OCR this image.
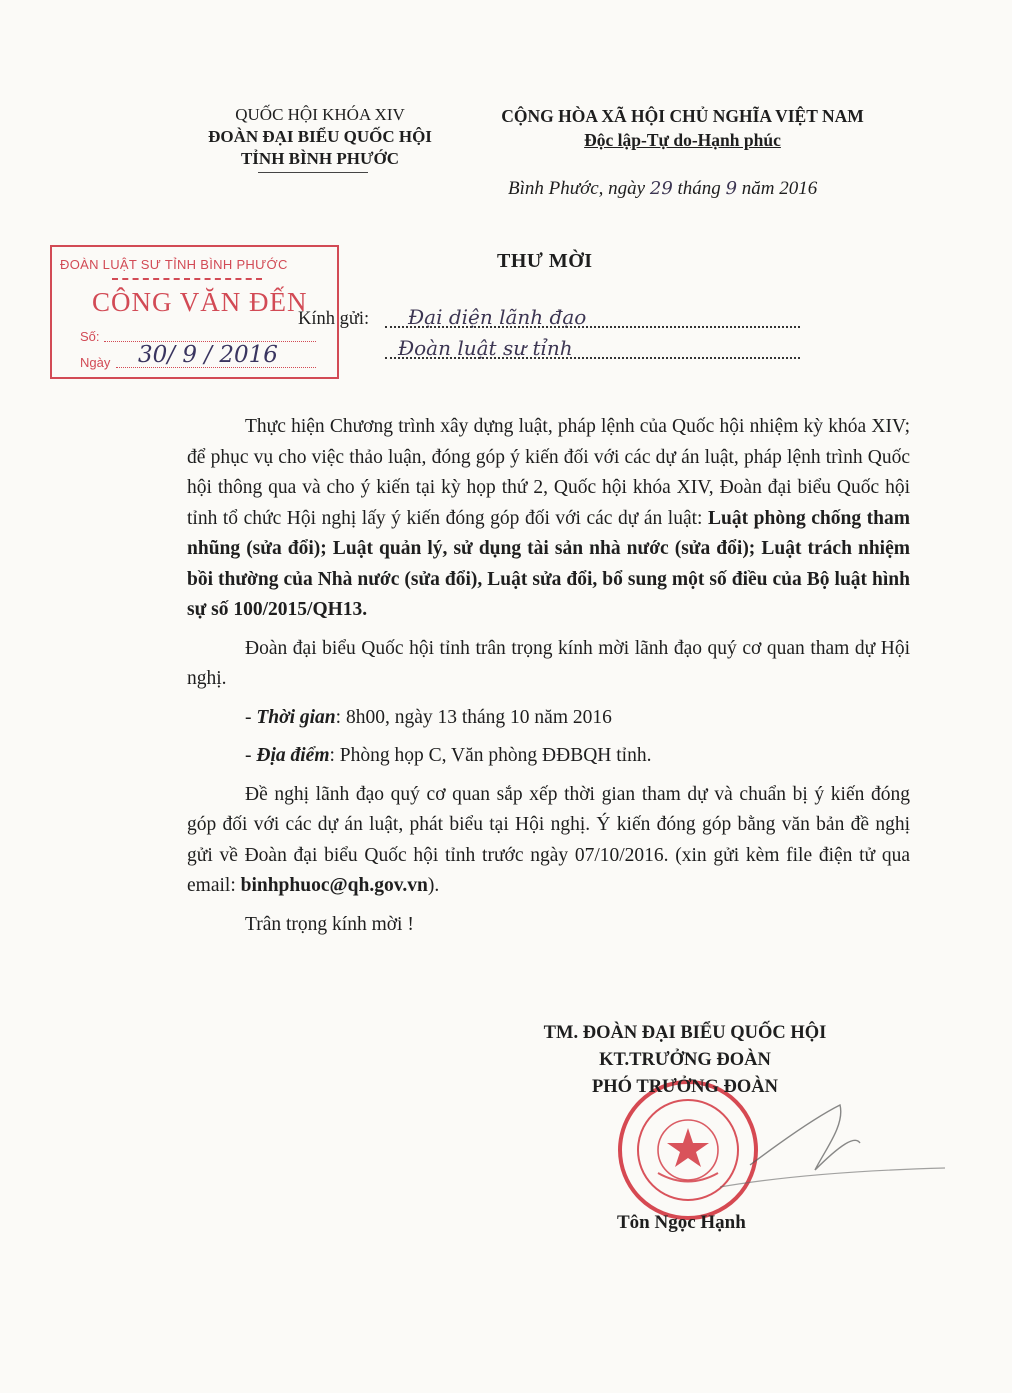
QUỐC HỘI KHÓA XIV
ĐOÀN ĐẠI BIỂU QUỐC HỘI
TỈNH BÌNH PHƯỚC
CỘNG HÒA XÃ HỘI CHỦ NGHĨA VIỆT NAM
Độc lập-Tự do-Hạnh phúc
Bình Phước, ngày 29 tháng 9 năm 2016
ĐOÀN LUẬT SƯ TỈNH BÌNH PHƯỚC
CÔNG VĂN ĐẾN
Số:
Ngày 30/ 9 / 2016
THƯ MỜI
Kính gửi: Đại diện lãnh đạo
Đoàn luật sư tỉnh

Thực hiện Chương trình xây dựng luật, pháp lệnh của Quốc hội nhiệm kỳ khóa XIV; để phục vụ cho việc thảo luận, đóng góp ý kiến đối với các dự án luật, pháp lệnh trình Quốc hội thông qua và cho ý kiến tại kỳ họp thứ 2, Quốc hội khóa XIV, Đoàn đại biểu Quốc hội tỉnh tổ chức Hội nghị lấy ý kiến đóng góp đối với các dự án luật: Luật phòng chống tham nhũng (sửa đổi); Luật quản lý, sử dụng tài sản nhà nước (sửa đổi); Luật trách nhiệm bồi thường của Nhà nước (sửa đổi), Luật sửa đổi, bổ sung một số điều của Bộ luật hình sự số 100/2015/QH13.

Đoàn đại biểu Quốc hội tỉnh trân trọng kính mời lãnh đạo quý cơ quan tham dự Hội nghị.

- Thời gian: 8h00, ngày 13 tháng 10 năm 2016

- Địa điểm: Phòng họp C, Văn phòng ĐĐBQH tỉnh.

Đề nghị lãnh đạo quý cơ quan sắp xếp thời gian tham dự và chuẩn bị ý kiến đóng góp đối với các dự án luật, phát biểu tại Hội nghị. Ý kiến đóng góp bằng văn bản đề nghị gửi về Đoàn đại biểu Quốc hội tỉnh trước ngày 07/10/2016. (xin gửi kèm file điện tử qua email: binhphuoc@qh.gov.vn).

Trân trọng kính mời !

TM. ĐOÀN ĐẠI BIỂU QUỐC HỘI
KT.TRƯỞNG ĐOÀN
PHÓ TRƯỞNG ĐOÀN
Tôn Ngọc Hạnh
